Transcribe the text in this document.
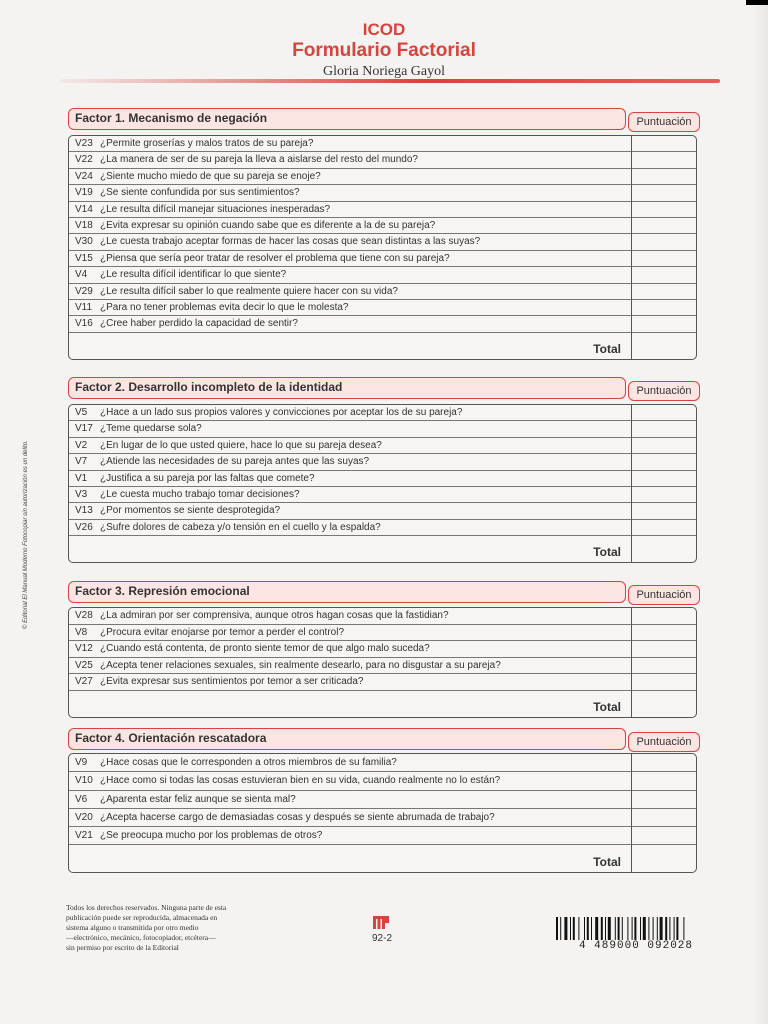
ICOD
Formulario Factorial
Gloria Noriega Gayol
© Editorial El Manual Moderno Fotocopiar sin autorización es un delito.
Factor 1. Mecanismo de negación	Puntuación
V23 ¿Permite groserías y malos tratos de su pareja?
V22 ¿La manera de ser de su pareja la lleva a aislarse del resto del mundo?
V24 ¿Siente mucho miedo de que su pareja se enoje?
V19 ¿Se siente confundida por sus sentimientos?
V14 ¿Le resulta difícil manejar situaciones inesperadas?
V18 ¿Evita expresar su opinión cuando sabe que es diferente a la de su pareja?
V30 ¿Le cuesta trabajo aceptar formas de hacer las cosas que sean distintas a las suyas?
V15 ¿Piensa que sería peor tratar de resolver el problema que tiene con su pareja?
V4 ¿Le resulta difícil identificar lo que siente?
V29 ¿Le resulta difícil saber lo que realmente quiere hacer con su vida?
V11 ¿Para no tener problemas evita decir lo que le molesta?
V16 ¿Cree haber perdido la capacidad de sentir?
Total
Factor 2. Desarrollo incompleto de la identidad	Puntuación
V5 ¿Hace a un lado sus propios valores y convicciones por aceptar los de su pareja?
V17 ¿Teme quedarse sola?
V2 ¿En lugar de lo que usted quiere, hace lo que su pareja desea?
V7 ¿Atiende las necesidades de su pareja antes que las suyas?
V1 ¿Justifica a su pareja por las faltas que comete?
V3 ¿Le cuesta mucho trabajo tomar decisiones?
V13 ¿Por momentos se siente desprotegida?
V26 ¿Sufre dolores de cabeza y/o tensión en el cuello y la espalda?
Total
Factor 3. Represión emocional	Puntuación
V28 ¿La admiran por ser comprensiva, aunque otros hagan cosas que la fastidian?
V8 ¿Procura evitar enojarse por temor a perder el control?
V12 ¿Cuando está contenta, de pronto siente temor de que algo malo suceda?
V25 ¿Acepta tener relaciones sexuales, sin realmente desearlo, para no disgustar a su pareja?
V27 ¿Evita expresar sus sentimientos por temor a ser criticada?
Total
Factor 4. Orientación rescatadora	Puntuación
V9 ¿Hace cosas que le corresponden a otros miembros de su familia?
V10 ¿Hace como si todas las cosas estuvieran bien en su vida, cuando realmente no lo están?
V6 ¿Aparenta estar feliz aunque se sienta mal?
V20 ¿Acepta hacerse cargo de demasiadas cosas y después se siente abrumada de trabajo?
V21 ¿Se preocupa mucho por los problemas de otros?
Total
Todos los derechos reservados. Ninguna parte de esta
publicación puede ser reproducida, almacenada en
sistema alguno o transmitida por otro medio
—electrónico, mecánico, fotocopiador, etcétera—
sin permiso por escrito de la Editorial
92-2
4 489000 092028
